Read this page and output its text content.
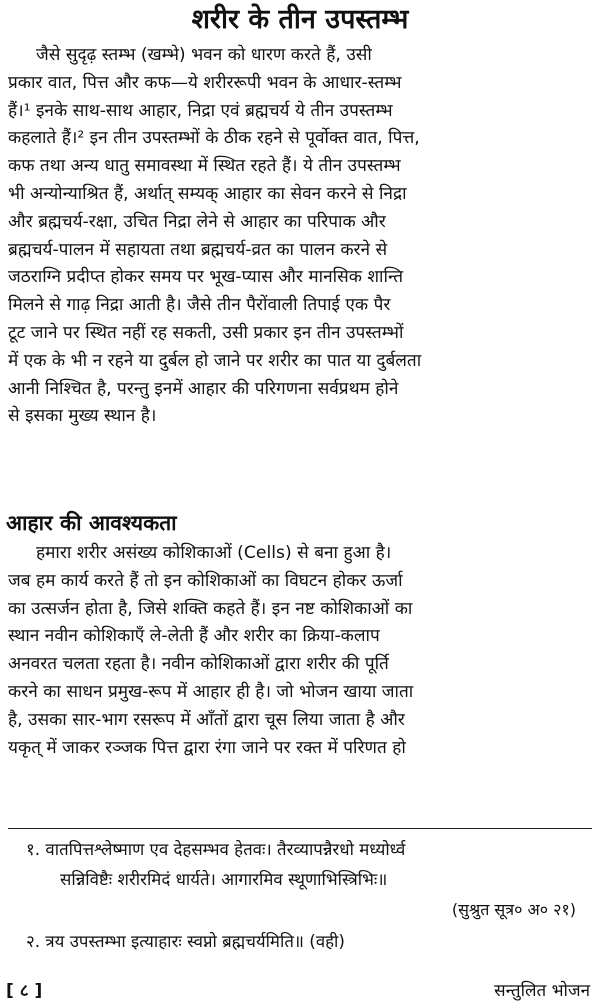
शरीर के तीन उपस्तम्भ
जैसे सुदृढ़ स्तम्भ (खम्भे) भवन को धारण करते हैं, उसी
प्रकार वात, पित्त और कफ—ये शरीररूपी भवन के आधार-स्तम्भ
हैं।¹ इनके साथ-साथ आहार, निद्रा एवं ब्रह्मचर्य ये तीन उपस्तम्भ
कहलाते हैं।² इन तीन उपस्तम्भों के ठीक रहने से पूर्वोक्त वात, पित्त,
कफ तथा अन्य धातु समावस्था में स्थित रहते हैं। ये तीन उपस्तम्भ
भी अन्योन्याश्रित हैं, अर्थात् सम्यक् आहार का सेवन करने से निद्रा
और ब्रह्मचर्य-रक्षा, उचित निद्रा लेने से आहार का परिपाक और
ब्रह्मचर्य-पालन में सहायता तथा ब्रह्मचर्य-व्रत का पालन करने से
जठराग्नि प्रदीप्त होकर समय पर भूख-प्यास और मानसिक शान्ति
मिलने से गाढ़ निद्रा आती है। जैसे तीन पैरोंवाली तिपाई एक पैर
टूट जाने पर स्थित नहीं रह सकती, उसी प्रकार इन तीन उपस्तम्भों
में एक के भी न रहने या दुर्बल हो जाने पर शरीर का पात या दुर्बलता
आनी निश्चित है, परन्तु इनमें आहार की परिगणना सर्वप्रथम होने
से इसका मुख्य स्थान है।
आहार की आवश्यकता
हमारा शरीर असंख्य कोशिकाओं (Cells) से बना हुआ है।
जब हम कार्य करते हैं तो इन कोशिकाओं का विघटन होकर ऊर्जा
का उत्सर्जन होता है, जिसे शक्ति कहते हैं। इन नष्ट कोशिकाओं का
स्थान नवीन कोशिकाएँ ले-लेती हैं और शरीर का क्रिया-कलाप
अनवरत चलता रहता है। नवीन कोशिकाओं द्वारा शरीर की पूर्ति
करने का साधन प्रमुख-रूप में आहार ही है। जो भोजन खाया जाता
है, उसका सार-भाग रसरूप में आँतों द्वारा चूस लिया जाता है और
यकृत् में जाकर रञ्जक पित्त द्वारा रंगा जाने पर रक्त में परिणत हो
१. वातपित्तश्लेष्माण एव देहसम्भव हेतवः। तैरव्यापन्नैरधो मध्योर्ध्व
सन्निविष्टैः शरीरमिदं धार्यते। आगारमिव स्थूणाभिस्त्रिभिः॥
(सुश्रुत सूत्र० अ० २१)
२. त्रय उपस्तम्भा इत्याहारः स्वप्नो ब्रह्मचर्यमिति॥ (वही)
[ ८ ]	सन्तुलित भोजन
